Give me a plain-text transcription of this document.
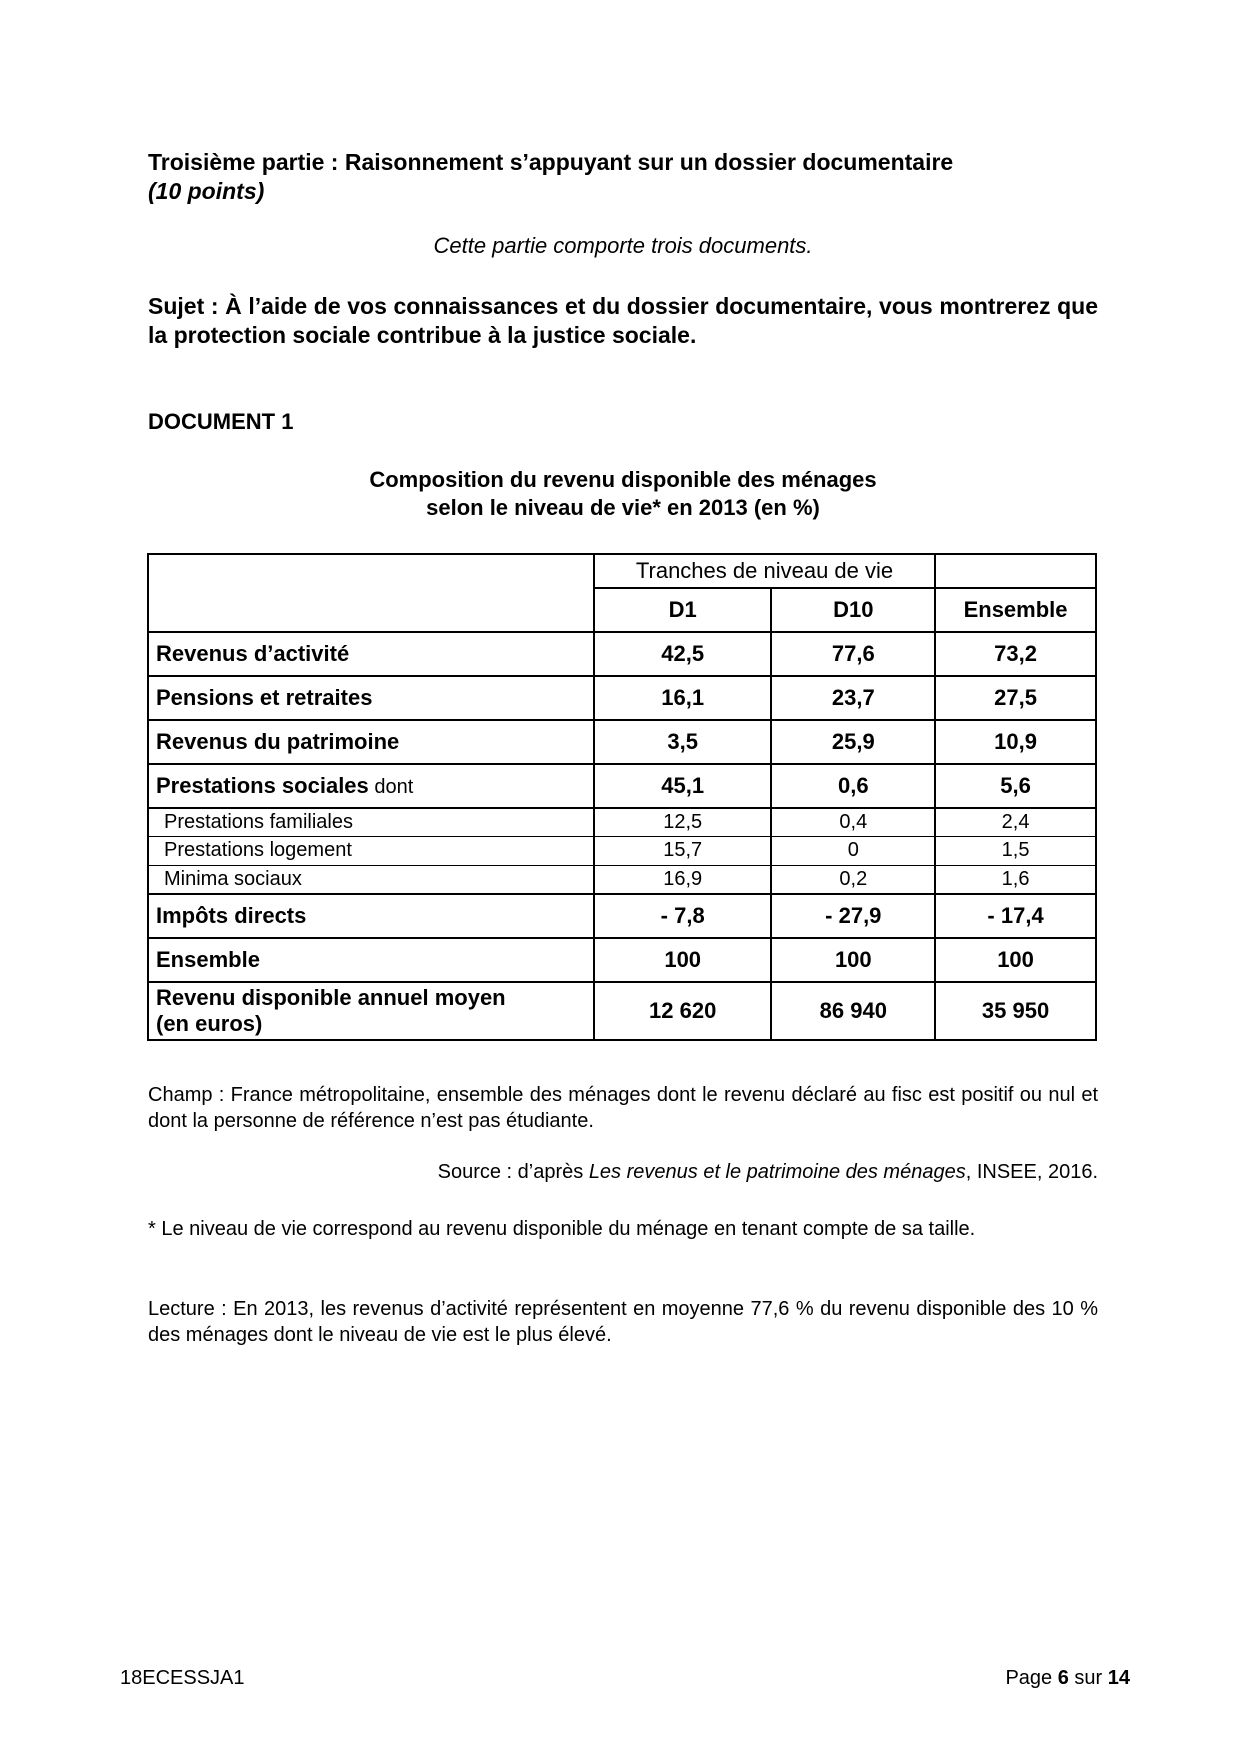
Troisième partie : Raisonnement s’appuyant sur un dossier documentaire
(10 points)
Cette partie comporte trois documents.
Sujet : À l’aide de vos connaissances et du dossier documentaire, vous montrerez que la protection sociale contribue à la justice sociale.
DOCUMENT 1
Composition du revenu disponible des ménages
selon le niveau de vie* en 2013 (en %)
	Tranches de niveau de vie		
	D1	D10	Ensemble
Revenus d’activité	42,5	77,6	73,2
Pensions et retraites	16,1	23,7	27,5
Revenus du patrimoine	3,5	25,9	10,9
Prestations sociales dont	45,1	0,6	5,6
Prestations familiales	12,5	0,4	2,4
Prestations logement	15,7	0	1,5
Minima sociaux	16,9	0,2	1,6
Impôts directs	- 7,8	- 27,9	- 17,4
Ensemble	100	100	100
Revenu disponible annuel moyen
(en euros)	12 620	86 940	35 950
Champ : France métropolitaine, ensemble des ménages dont le revenu déclaré au fisc est positif ou nul et dont la personne de référence n’est pas étudiante.
Source : d’après Les revenus et le patrimoine des ménages, INSEE, 2016.
* Le niveau de vie correspond au revenu disponible du ménage en tenant compte de sa taille.
Lecture : En 2013, les revenus d’activité représentent en moyenne 77,6 % du revenu disponible des 10 % des ménages dont le niveau de vie est le plus élevé.
18ECESSJA1	Page 6 sur 14
